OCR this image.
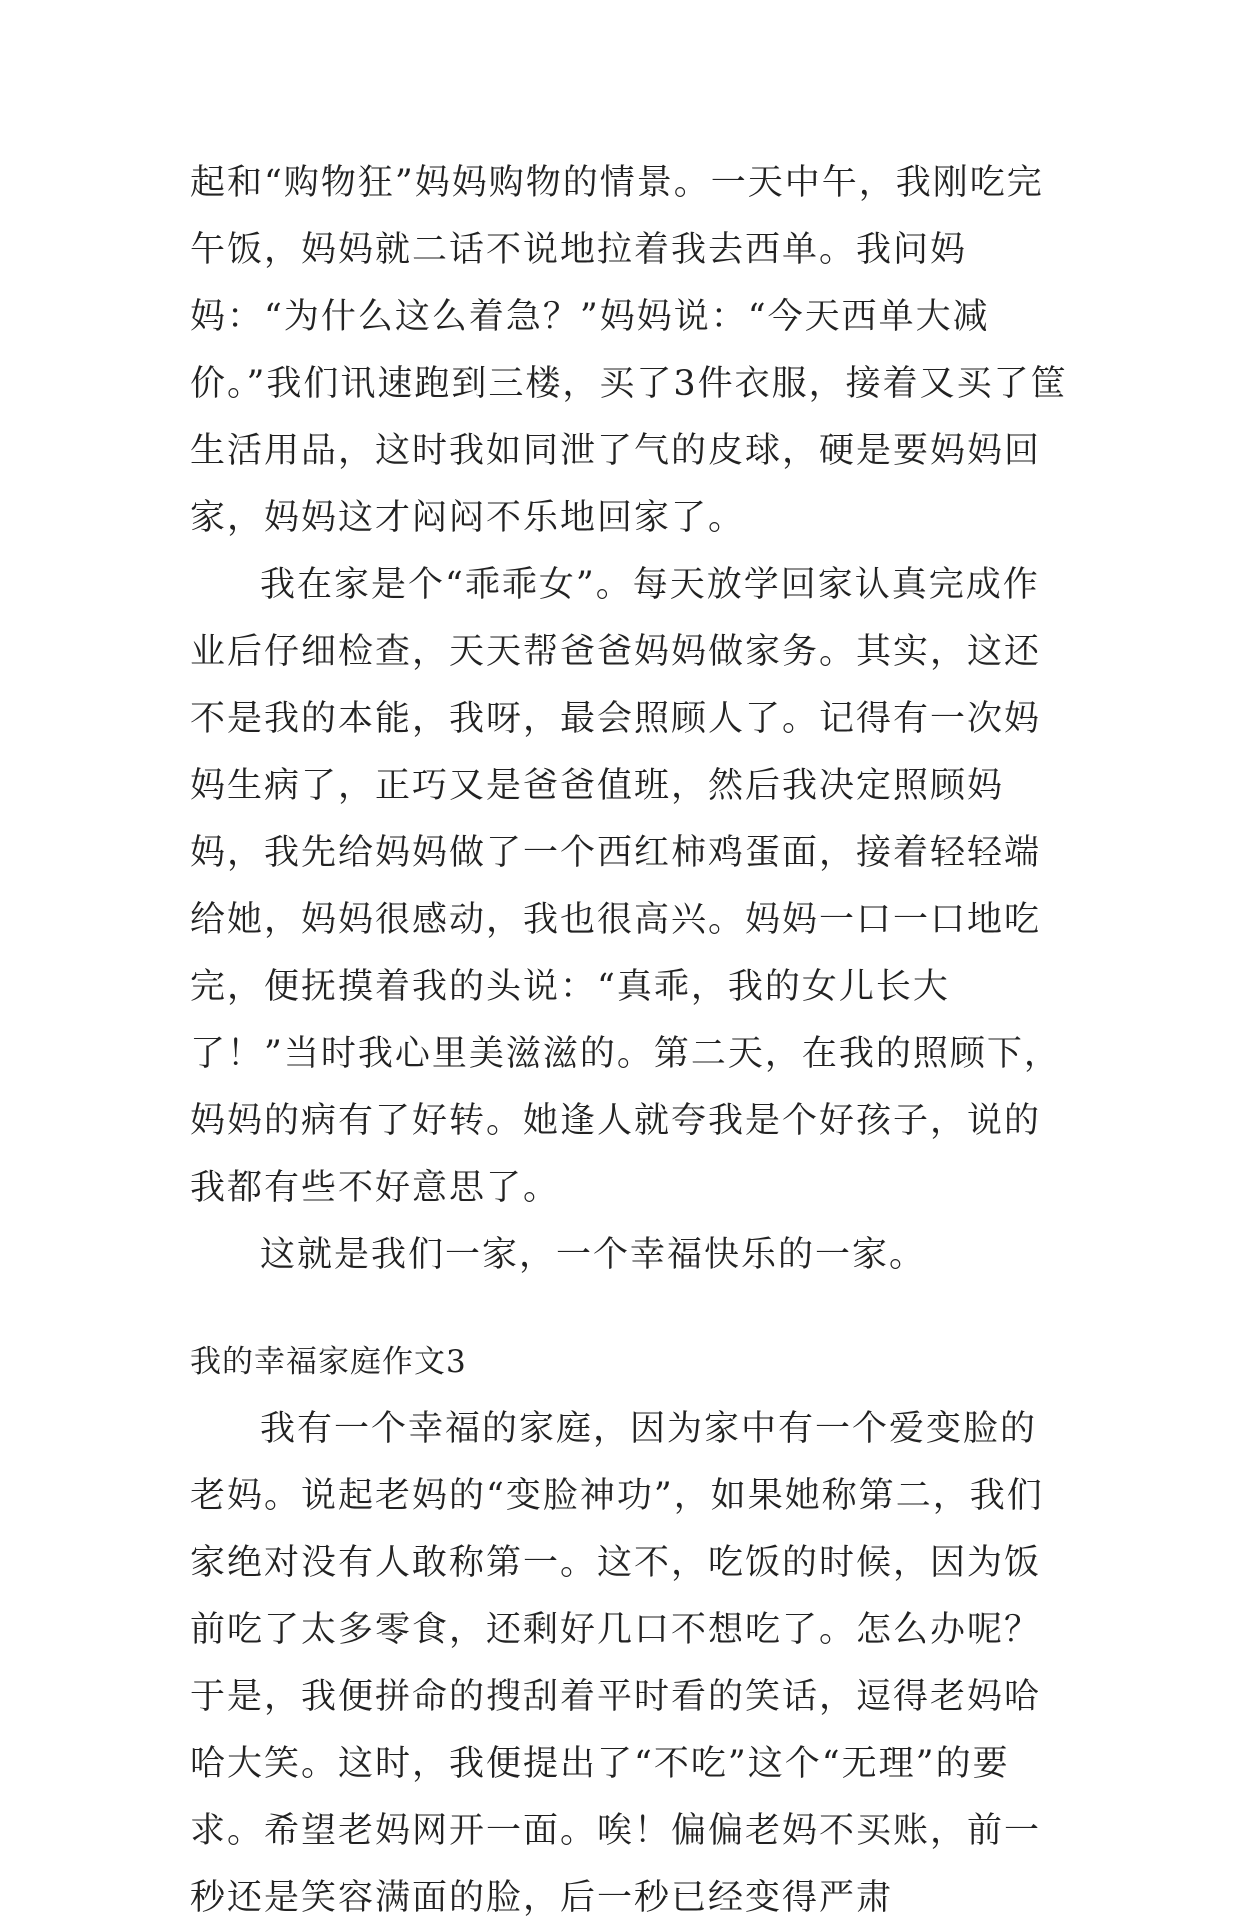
起和“购物狂”妈妈购物的情景。一天中午，我刚吃完午饭，妈妈就二话不说地拉着我去西单。我问妈妈：“为什么这么着急？”妈妈说：“今天西单大减价。”我们讯速跑到三楼，买了3件衣服，接着又买了筐生活用品，这时我如同泄了气的皮球，硬是要妈妈回家，妈妈这才闷闷不乐地回家了。

我在家是个“乖乖女”。每天放学回家认真完成作业后仔细检查，天天帮爸爸妈妈做家务。其实，这还不是我的本能，我呀，最会照顾人了。记得有一次妈妈生病了，正巧又是爸爸值班，然后我决定照顾妈妈，我先给妈妈做了一个西红柿鸡蛋面，接着轻轻端给她，妈妈很感动，我也很高兴。妈妈一口一口地吃完，便抚摸着我的头说：“真乖，我的女儿长大了！”当时我心里美滋滋的。第二天，在我的照顾下，妈妈的病有了好转。她逢人就夸我是个好孩子，说的我都有些不好意思了。

这就是我们一家，一个幸福快乐的一家。

我的幸福家庭作文3

我有一个幸福的家庭，因为家中有一个爱变脸的老妈。说起老妈的“变脸神功”，如果她称第二，我们家绝对没有人敢称第一。这不，吃饭的时候，因为饭前吃了太多零食，还剩好几口不想吃了。怎么办呢？于是，我便拼命的搜刮着平时看的笑话，逗得老妈哈哈大笑。这时，我便提出了“不吃”这个“无理”的要求。希望老妈网开一面。唉！偏偏老妈不买账，前一秒还是笑容满面的脸，后一秒已经变得严肃
